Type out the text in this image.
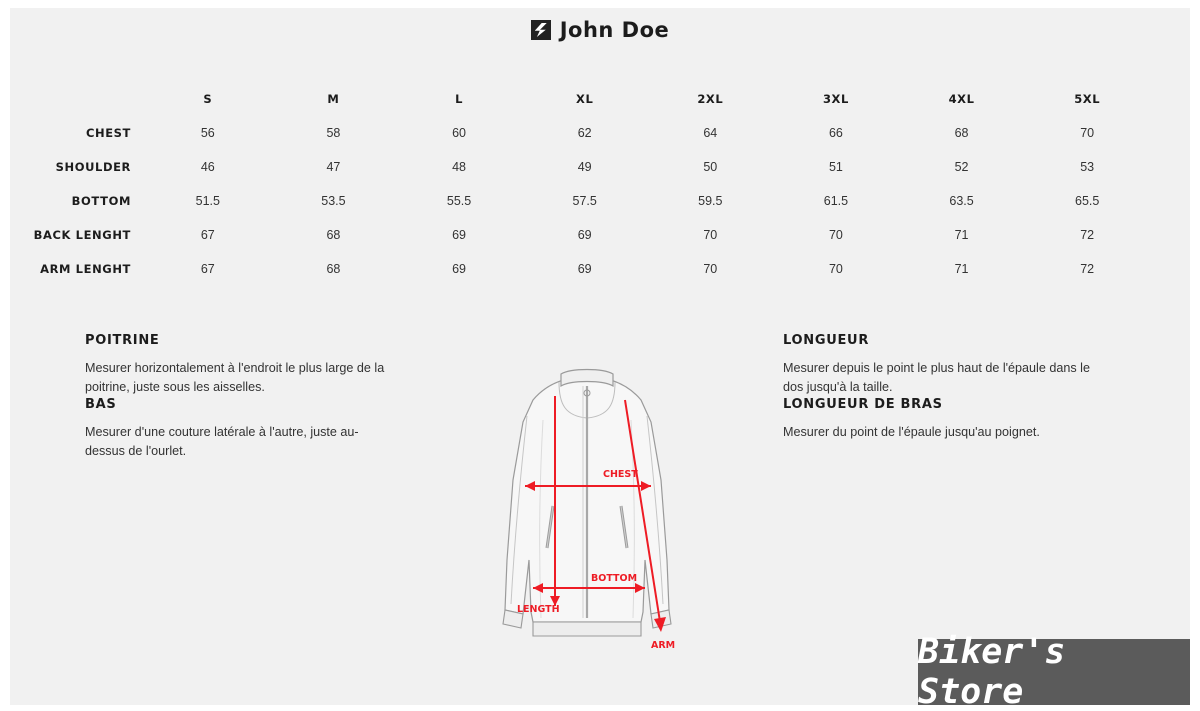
John Doe
	S	M	L	XL	2XL	3XL	4XL	5XL
CHEST	56	58	60	62	64	66	68	70
SHOULDER	46	47	48	49	50	51	52	53
BOTTOM	51.5	53.5	55.5	57.5	59.5	61.5	63.5	65.5
BACK LENGHT	67	68	69	69	70	70	71	72
ARM LENGHT	67	68	69	69	70	70	71	72
POITRINE
Mesurer horizontalement à l'endroit le plus large de la poitrine, juste sous les aisselles.
BAS
Mesurer d'une couture latérale à l'autre, juste au-dessus de l'ourlet.
LONGUEUR
Mesurer depuis le point le plus haut de l'épaule dans le dos jusqu'à la taille.
LONGUEUR DE BRAS
Mesurer du point de l'épaule jusqu'au poignet.
CHEST
BOTTOM
LENGTH
ARM	Biker's Store
